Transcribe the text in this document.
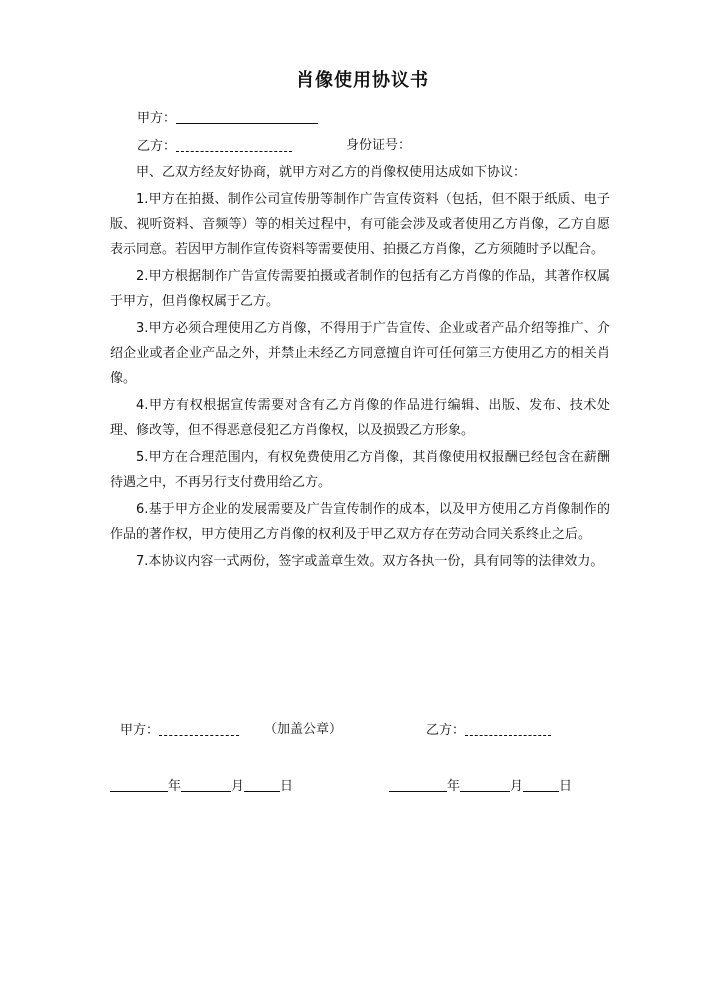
肖像使用协议书
甲方：
乙方：	身份证号：

甲、乙双方经友好协商，就甲方对乙方的肖像权使用达成如下协议：

1.甲方在拍摄、制作公司宣传册等制作广告宣传资料（包括，但不限于纸质、电子版、视听资料、音频等）等的相关过程中，有可能会涉及或者使用乙方肖像，乙方自愿表示同意。若因甲方制作宣传资料等需要使用、拍摄乙方肖像，乙方须随时予以配合。

2.甲方根据制作广告宣传需要拍摄或者制作的包括有乙方肖像的作品，其著作权属于甲方，但肖像权属于乙方。

3.甲方必须合理使用乙方肖像，不得用于广告宣传、企业或者产品介绍等推广、介绍企业或者企业产品之外，并禁止未经乙方同意擅自许可任何第三方使用乙方的相关肖像。

4.甲方有权根据宣传需要对含有乙方肖像的作品进行编辑、出版、发布、技术处理、修改等，但不得恶意侵犯乙方肖像权，以及损毁乙方形象。

5.甲方在合理范围内，有权免费使用乙方肖像，其肖像使用权报酬已经包含在薪酬待遇之中，不再另行支付费用给乙方。

6.基于甲方企业的发展需要及广告宣传制作的成本，以及甲方使用乙方肖像制作的作品的著作权，甲方使用乙方肖像的权利及于甲乙双方存在劳动合同关系终止之后。

7.本协议内容一式两份，签字或盖章生效。双方各执一份，具有同等的法律效力。

甲方：	（加盖公章）	乙方：
年	月	日	年	月	日
